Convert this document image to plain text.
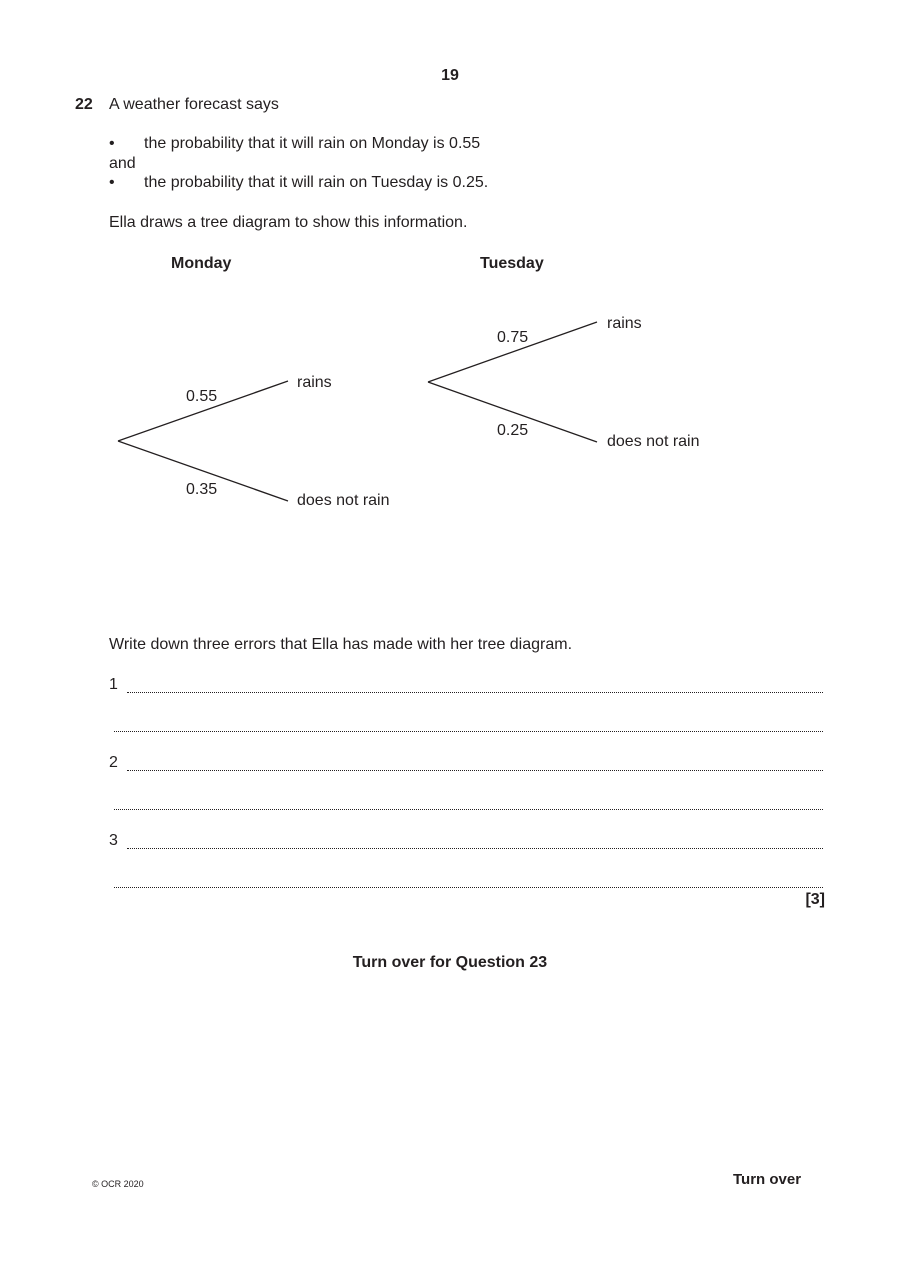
19
22 A weather forecast says
• the probability that it will rain on Monday is 0.55
and
• the probability that it will rain on Tuesday is 0.25.
Ella draws a tree diagram to show this information.
Monday	Tuesday
0.55
rains
0.35
does not rain
0.75
rains
0.25
does not rain
Write down three errors that Ella has made with her tree diagram.
1
2
3
[3]
Turn over for Question 23
© OCR 2020	Turn over
